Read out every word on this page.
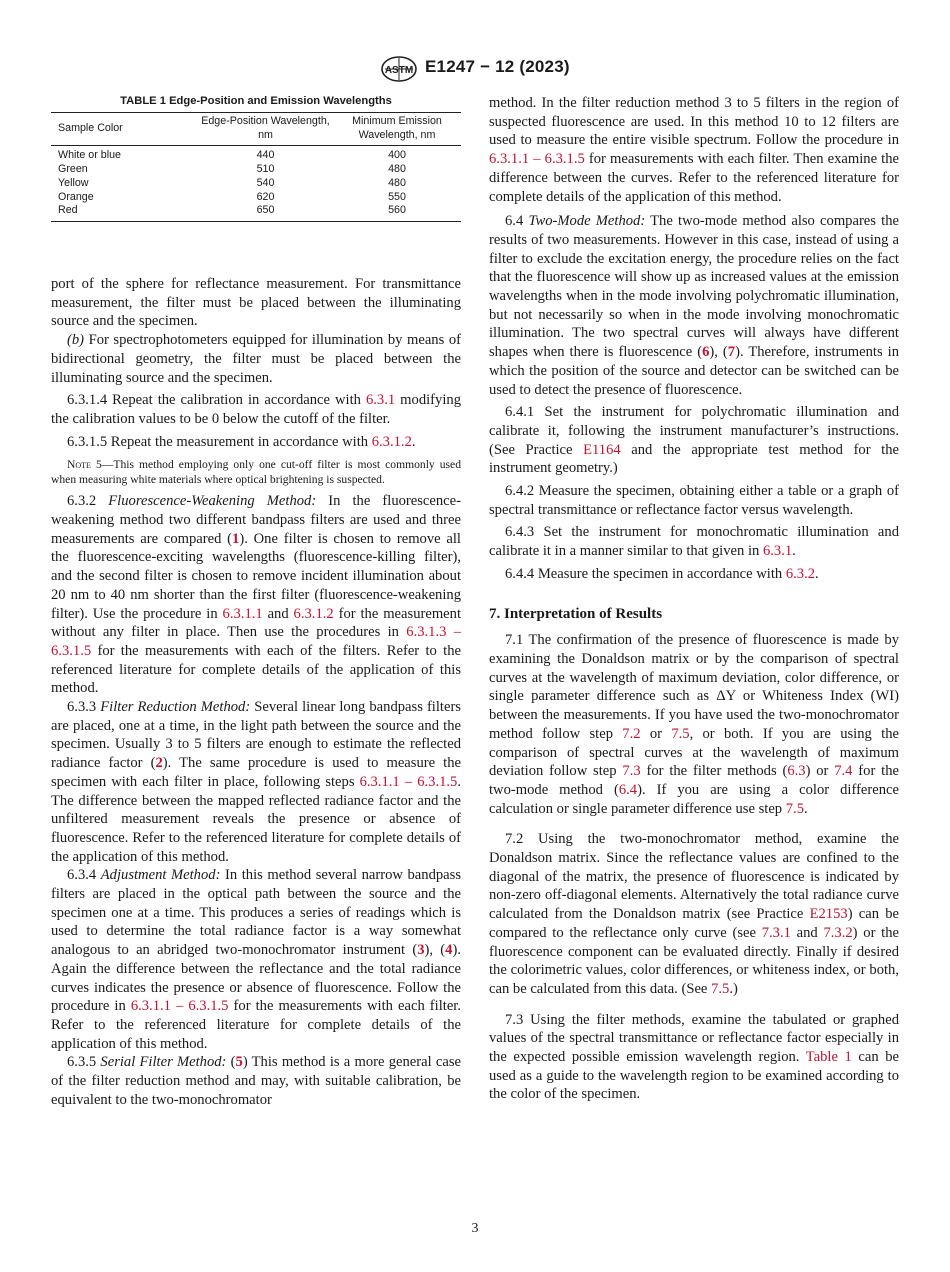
ASTM E1247 − 12 (2023)

TABLE 1 Edge-Position and Emission Wavelengths

Sample Color	Edge-Position Wavelength, nm	Minimum Emission Wavelength, nm
White or blue	440	400
Green	510	480
Yellow	540	480
Orange	620	550
Red	650	560

port of the sphere for reflectance measurement. For transmittance measurement, the filter must be placed between the illuminating source and the specimen.

(b) For spectrophotometers equipped for illumination by means of bidirectional geometry, the filter must be placed between the illuminating source and the specimen.

6.3.1.4 Repeat the calibration in accordance with 6.3.1 modifying the calibration values to be 0 below the cutoff of the filter.

6.3.1.5 Repeat the measurement in accordance with 6.3.1.2.

Note 5—This method employing only one cut-off filter is most commonly used when measuring white materials where optical brightening is suspected.

6.3.2 Fluorescence-Weakening Method: In the fluorescence-weakening method two different bandpass filters are used and three measurements are compared (1). One filter is chosen to remove all the fluorescence-exciting wavelengths (fluorescence-killing filter), and the second filter is chosen to remove incident illumination about 20 nm to 40 nm shorter than the first filter (fluorescence-weakening filter). Use the procedure in 6.3.1.1 and 6.3.1.2 for the measurement without any filter in place. Then use the procedures in 6.3.1.3 – 6.3.1.5 for the measurements with each of the filters. Refer to the referenced literature for complete details of the application of this method.

6.3.3 Filter Reduction Method: Several linear long bandpass filters are placed, one at a time, in the light path between the source and the specimen. Usually 3 to 5 filters are enough to estimate the reflected radiance factor (2). The same procedure is used to measure the specimen with each filter in place, following steps 6.3.1.1 – 6.3.1.5. The difference between the mapped reflected radiance factor and the unfiltered measurement reveals the presence or absence of fluorescence. Refer to the referenced literature for complete details of the application of this method.

6.3.4 Adjustment Method: In this method several narrow bandpass filters are placed in the optical path between the source and the specimen one at a time. This produces a series of readings which is used to determine the total radiance factor is a way somewhat analogous to an abridged two-monochromator instrument (3), (4). Again the difference between the reflectance and the total radiance curves indicates the presence or absence of fluorescence. Follow the procedure in 6.3.1.1 – 6.3.1.5 for the measurements with each filter. Refer to the referenced literature for complete details of the application of this method.

6.3.5 Serial Filter Method: (5) This method is a more general case of the filter reduction method and may, with suitable calibration, be equivalent to the two-monochromator

method. In the filter reduction method 3 to 5 filters in the region of suspected fluorescence are used. In this method 10 to 12 filters are used to measure the entire visible spectrum. Follow the procedure in 6.3.1.1 – 6.3.1.5 for measurements with each filter. Then examine the difference between the curves. Refer to the referenced literature for complete details of the application of this method.

6.4 Two-Mode Method: The two-mode method also compares the results of two measurements. However in this case, instead of using a filter to exclude the excitation energy, the procedure relies on the fact that the fluorescence will show up as increased values at the emission wavelengths when in the mode involving polychromatic illumination, but not necessarily so when in the mode involving monochromatic illumination. The two spectral curves will always have different shapes when there is fluorescence (6), (7). Therefore, instruments in which the position of the source and detector can be switched can be used to detect the presence of fluorescence.

6.4.1 Set the instrument for polychromatic illumination and calibrate it, following the instrument manufacturer’s instructions. (See Practice E1164 and the appropriate test method for the instrument geometry.)

6.4.2 Measure the specimen, obtaining either a table or a graph of spectral transmittance or reflectance factor versus wavelength.

6.4.3 Set the instrument for monochromatic illumination and calibrate it in a manner similar to that given in 6.3.1.

6.4.4 Measure the specimen in accordance with 6.3.2.

7. Interpretation of Results

7.1 The confirmation of the presence of fluorescence is made by examining the Donaldson matrix or by the comparison of spectral curves at the wavelength of maximum deviation, color difference, or single parameter difference such as ΔY or Whiteness Index (WI) between the measurements. If you have used the two-monochromator method follow step 7.2 or 7.5, or both. If you are using the comparison of spectral curves at the wavelength of maximum deviation follow step 7.3 for the filter methods (6.3) or 7.4 for the two-mode method (6.4). If you are using a color difference calculation or single parameter difference use step 7.5.

7.2 Using the two-monochromator method, examine the Donaldson matrix. Since the reflectance values are confined to the diagonal of the matrix, the presence of fluorescence is indicated by non-zero off-diagonal elements. Alternatively the total radiance curve calculated from the Donaldson matrix (see Practice E2153) can be compared to the reflectance only curve (see 7.3.1 and 7.3.2) or the fluorescence component can be evaluated directly. Finally if desired the colorimetric values, color differences, or whiteness index, or both, can be calculated from this data. (See 7.5.)

7.3 Using the filter methods, examine the tabulated or graphed values of the spectral transmittance or reflectance factor especially in the expected possible emission wavelength region. Table 1 can be used as a guide to the wavelength region to be examined according to the color of the specimen.

3
